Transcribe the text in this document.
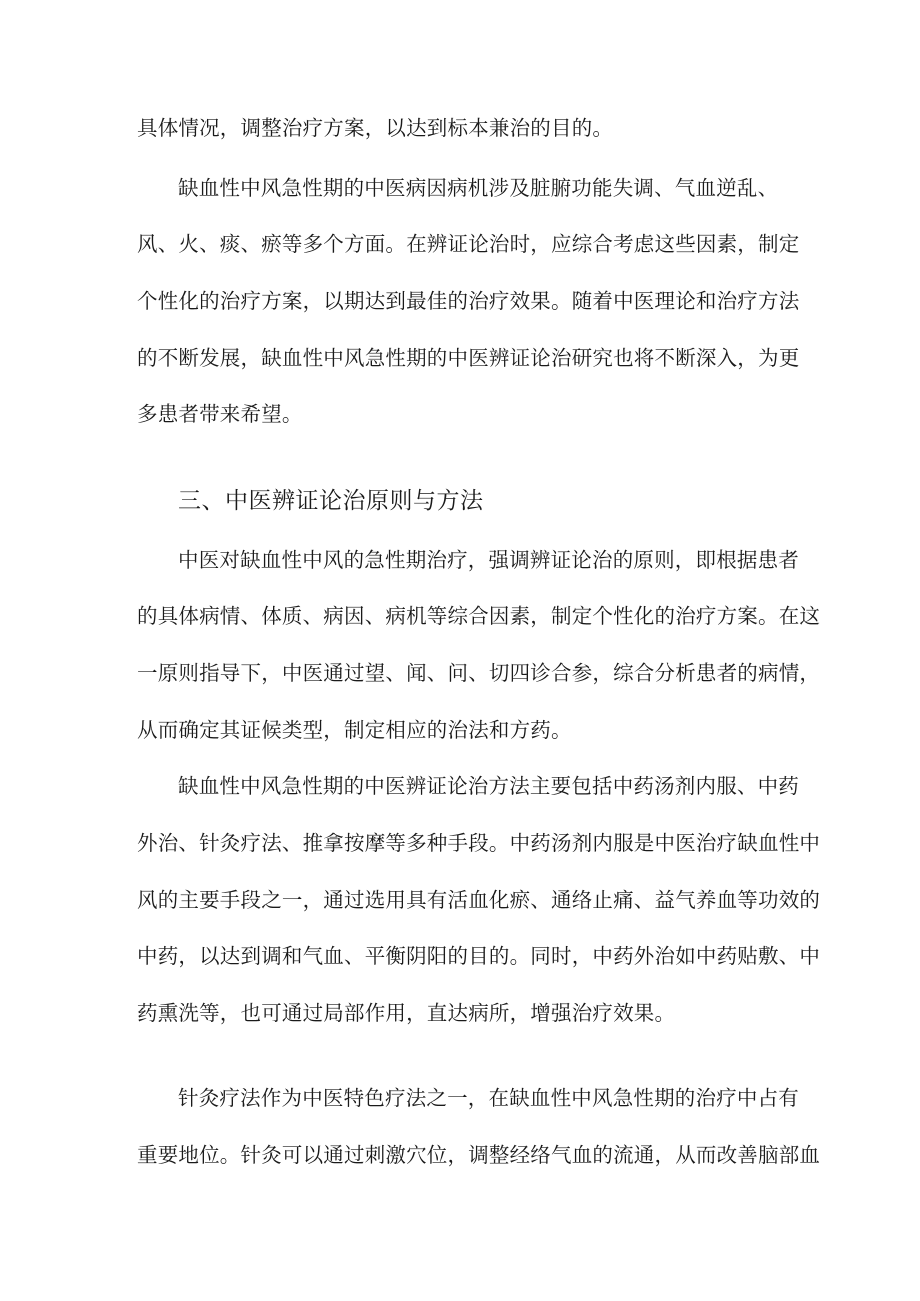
具体情况，调整治疗方案，以达到标本兼治的目的。
缺血性中风急性期的中医病因病机涉及脏腑功能失调、气血逆乱、
风、火、痰、瘀等多个方面。在辨证论治时，应综合考虑这些因素，制定
个性化的治疗方案，以期达到最佳的治疗效果。随着中医理论和治疗方法
的不断发展，缺血性中风急性期的中医辨证论治研究也将不断深入，为更
多患者带来希望。
三、中医辨证论治原则与方法
中医对缺血性中风的急性期治疗，强调辨证论治的原则，即根据患者
的具体病情、体质、病因、病机等综合因素，制定个性化的治疗方案。在这
一原则指导下，中医通过望、闻、问、切四诊合参，综合分析患者的病情，
从而确定其证候类型，制定相应的治法和方药。
缺血性中风急性期的中医辨证论治方法主要包括中药汤剂内服、中药
外治、针灸疗法、推拿按摩等多种手段。中药汤剂内服是中医治疗缺血性中
风的主要手段之一，通过选用具有活血化瘀、通络止痛、益气养血等功效的
中药，以达到调和气血、平衡阴阳的目的。同时，中药外治如中药贴敷、中
药熏洗等，也可通过局部作用，直达病所，增强治疗效果。
针灸疗法作为中医特色疗法之一，在缺血性中风急性期的治疗中占有
重要地位。针灸可以通过刺激穴位，调整经络气血的流通，从而改善脑部血
